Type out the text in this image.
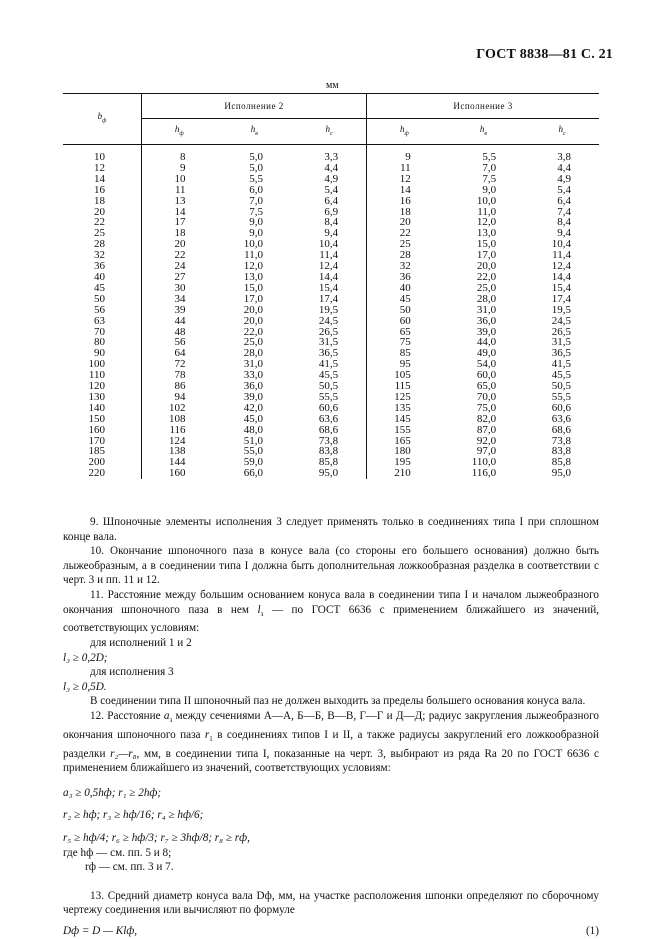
ГОСТ 8838—81 С. 21
мм
$b_ф$	Исполнение 2			Исполнение 3		
	$h_ф$	$h_в$	$h_с$	$h_ф$	$h_в$	$h_с$
10	8	5,0	3,3	9	5,5	3,8
12	9	5,0	4,4	11	7,0	4,4
14	10	5,5	4,9	12	7,5	4,9
16	11	6,0	5,4	14	9,0	5,4
18	13	7,0	6,4	16	10,0	6,4
20	14	7,5	6,9	18	11,0	7,4
22	17	9,0	8,4	20	12,0	8,4
25	18	9,0	9,4	22	13,0	9,4
28	20	10,0	10,4	25	15,0	10,4
32	22	11,0	11,4	28	17,0	11,4
36	24	12,0	12,4	32	20,0	12,4
40	27	13,0	14,4	36	22,0	14,4
45	30	15,0	15,4	40	25,0	15,4
50	34	17,0	17,4	45	28,0	17,4
56	39	20,0	19,5	50	31,0	19,5
63	44	20,0	24,5	60	36,0	24,5
70	48	22,0	26,5	65	39,0	26,5
80	56	25,0	31,5	75	44,0	31,5
90	64	28,0	36,5	85	49,0	36,5
100	72	31,0	41,5	95	54,0	41,5
110	78	33,0	45,5	105	60,0	45,5
120	86	36,0	50,5	115	65,0	50,5
130	94	39,0	55,5	125	70,0	55,5
140	102	42,0	60,6	135	75,0	60,6
150	108	45,0	63,6	145	82,0	63,6
160	116	48,0	68,6	155	87,0	68,6
170	124	51,0	73,8	165	92,0	73,8
185	138	55,0	83,8	180	97,0	83,8
200	144	59,0	85,8	195	110,0	85,8
220	160	66,0	95,0	210	116,0	95,0

9. Шпоночные элементы исполнения 3 следует применять только в соединениях типа I при сплошном конце вала.

10. Окончание шпоночного паза в конусе вала (со стороны его большего основания) должно быть лыжеобразным, а в соединении типа I должна быть дополнительная ложкообразная разделка в соответствии с черт. 3 и пп. 11 и 12.

11. Расстояние между большим основанием конуса вала в соединении типа I и началом лыжеобразного окончания шпоночного паза в нем $l_з$ — по ГОСТ 6636 с применением ближайшего из значений, соответствующих условиям:

для исполнений 1 и 2

l₃ ≥ 0,2D;

для исполнения 3

l₃ ≥ 0,5D.

В соединении типа II шпоночный паз не должен выходить за пределы большего основания конуса вала.

12. Расстояние $a_з$ между сечениями А—А, Б—Б, В—В, Г—Г и Д—Д; радиус закругления лыжеобразного окончания шпоночного паза $r_1$ в соединениях типов I и II, а также радиусы закруглений его ложкообразной разделки r₂—r₈, мм, в соединении типа I, показанные на черт. 3, выбирают из ряда Ra 20 по ГОСТ 6636 с применением ближайшего из значений, соответствующих условиям:

a₃ ≥ 0,5hф; r₁ ≥ 2hф;

r₂ ≥ hф; r₃ ≥ hф/16; r₄ ≥ hф/6;

r₅ ≥ hф/4; r₆ ≥ hф/3; r₇ ≥ 3hф/8; r₈ ≥ rф,

где hф — см. пп. 5 и 8;

rф — см. пп. 3 и 7.

13. Средний диаметр конуса вала Dф, мм, на участке расположения шпонки определяют по сборочному чертежу соединения или вычисляют по формуле

Dф = D — Klф,	(1)
